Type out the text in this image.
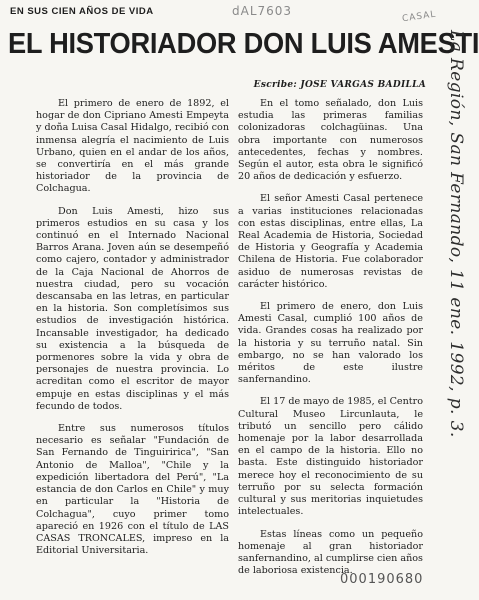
EN SUS CIEN AÑOS DE VIDA	dAL7603	CASAL
EL HISTORIADOR DON LUIS AMESTI
Escribe: JOSE VARGAS BADILLA

El primero de enero de 1892, el hogar de don Cipriano Amesti Empeyta y doña Luisa Casal Hidalgo, recibió con inmensa alegría el nacimiento de Luis Urbano, quien en el andar de los años, se convertiría en el más grande historiador de la provincia de Colchagua.

Don Luis Amesti, hizo sus primeros estudios en su casa y los continuó en el Internado Nacional Barros Arana. Joven aún se desempeñó como cajero, contador y administrador de la Caja Nacional de Ahorros de nuestra ciudad, pero su vocación descansaba en las letras, en particular en la historia. Son completísimos sus estudios de investigación histórica. Incansable investigador, ha dedicado su existencia a la búsqueda de pormenores sobre la vida y obra de personajes de nuestra provincia. Lo acreditan como el escritor de mayor empuje en estas disciplinas y el más fecundo de todos.

Entre sus numerosos títulos necesario es señalar "Fundación de San Fernando de Tinguiririca", "San Antonio de Malloa", "Chile y la expedición libertadora del Perú", "La estancia de don Carlos en Chile" y muy en particular la "Historia de Colchagua", cuyo primer tomo apareció en 1926 con el título de LAS CASAS TRONCALES, impreso en la Editorial Universitaria.

En el tomo señalado, don Luis estudia las primeras familias colonizadoras colchagüinas. Una obra importante con numerosos antecedentes, fechas y nombres. Según el autor, esta obra le significó 20 años de dedicación y esfuerzo.

El señor Amesti Casal pertenece a varias instituciones relacionadas con estas disciplinas, entre ellas, La Real Academia de Historia, Sociedad de Historia y Geografía y Academia Chilena de Historia. Fue colaborador asiduo de numerosas revistas de carácter histórico.

El primero de enero, don Luis Amesti Casal, cumplió 100 años de vida. Grandes cosas ha realizado por la historia y su terruño natal. Sin embargo, no se han valorado los méritos de este ilustre sanfernandino.

El 17 de mayo de 1985, el Centro Cultural Museo Lircunlauta, le tributó un sencillo pero cálido homenaje por la labor desarrollada en el campo de la historia. Ello no basta. Este distinguido historiador merece hoy el reconocimiento de su terruño por su selecta formación cultural y sus meritorias inquietudes intelectuales.

Estas líneas como un pequeño homenaje al gran historiador sanfernandino, al cumplirse cien años de laboriosa existencia.

La Región, San Fernando, 11 ene. 1992, p. 3.
000190680
